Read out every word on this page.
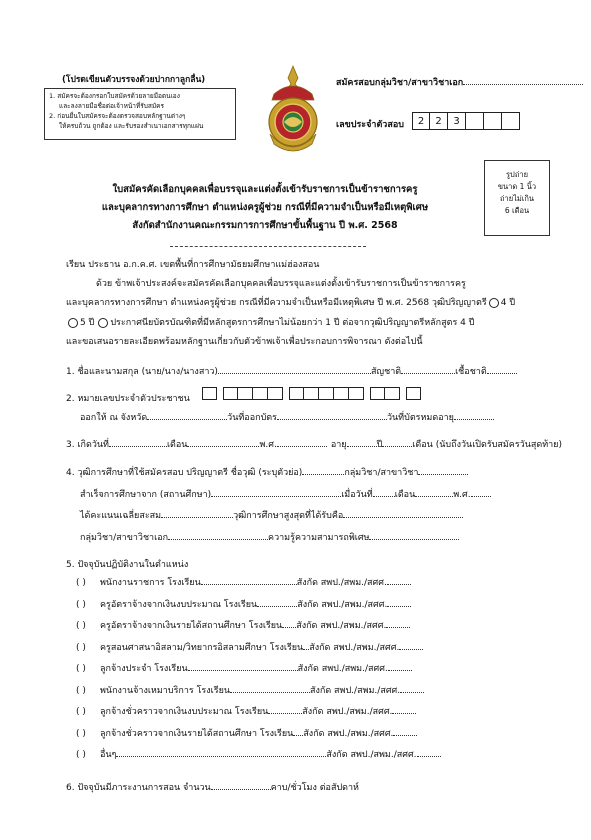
(โปรดเขียนตัวบรรจงด้วยปากกาลูกลื่น)
1. สมัครจะต้องกรอกใบสมัครด้วยลายมือตนเอง
และลงลายมือชื่อต่อเจ้าหน้าที่รับสมัคร
2. ก่อนยื่นใบสมัครจะต้องตรวจสอบหลักฐานต่างๆ
ให้ครบถ้วน ถูกต้อง และรับรองสำเนาเอกสารทุกแผ่น
สมัครสอบกลุ่มวิชา/สาขาวิชาเอก
เลขประจำตัวสอบ	2	2	3
รูปถ่าย
ขนาด 1 นิ้ว
ถ่ายไม่เกิน
6 เดือน
ใบสมัครคัดเลือกบุคคลเพื่อบรรจุและแต่งตั้งเข้ารับราชการเป็นข้าราชการครู
และบุคลากรทางการศึกษา ตำแหน่งครูผู้ช่วย กรณีที่มีความจำเป็นหรือมีเหตุพิเศษ
สังกัดสำนักงานคณะกรรมการการศึกษาขั้นพื้นฐาน ปี พ.ศ. 2568
เรียน ประธาน อ.ก.ค.ศ. เขตพื้นที่การศึกษามัธยมศึกษาแม่ฮ่องสอน
ด้วย ข้าพเจ้าประสงค์จะสมัครคัดเลือกบุคคลเพื่อบรรจุและแต่งตั้งเข้ารับราชการเป็นข้าราชการครู
และบุคลากรทางการศึกษา ตำแหน่งครูผู้ช่วย กรณีที่มีความจำเป็นหรือมีเหตุพิเศษ ปี พ.ศ. 2568 วุฒิปริญญาตรี 4 ปี
5 ปี ประกาศนียบัตรบัณฑิตที่มีหลักสูตรการศึกษาไม่น้อยกว่า 1 ปี ต่อจากวุฒิปริญญาตรีหลักสูตร 4 ปี
และขอเสนอรายละเอียดพร้อมหลักฐานเกี่ยวกับตัวข้าพเจ้าเพื่อประกอบการพิจารณา ดังต่อไปนี้
1. ชื่อและนามสกุล (นาย/นาง/นางสาว)	สัญชาติ	เชื้อชาติ
2. หมายเลขประจำตัวประชาชน
ออกให้ ณ จังหวัด	วันที่ออกบัตร	วันที่บัตรหมดอายุ
3. เกิดวันที่	เดือน	พ.ศ.	อายุ	ปี	เดือน (นับถึงวันเปิดรับสมัครวันสุดท้าย)
4. วุฒิการศึกษาที่ใช้สมัครสอบ ปริญญาตรี ชื่อวุฒิ (ระบุตัวย่อ)	กลุ่มวิชา/สาขาวิชา
สำเร็จการศึกษาจาก (สถานศึกษา)	เมื่อวันที่ เดือน	พ.ศ.
ได้คะแนนเฉลี่ยสะสม	วุฒิการศึกษาสูงสุดที่ได้รับคือ
กลุ่มวิชา/สาขาวิชาเอก	ความรู้ความสามารถพิเศษ
5. ปัจจุบันปฏิบัติงานในตำแหน่ง
( ) พนักงานราชการ โรงเรียน	สังกัด สพป./สพม./สศศ.
( ) ครูอัตราจ้างจากเงินงบประมาณ โรงเรียน	สังกัด สพป./สพม./สศศ.
( ) ครูอัตราจ้างจากเงินรายได้สถานศึกษา โรงเรียน สังกัด สพป./สพม./สศศ.
( ) ครูสอนศาสนาอิสลาม/วิทยากรอิสลามศึกษา โรงเรียน สังกัด สพป./สพม./สศศ.
( ) ลูกจ้างประจำ โรงเรียน	สังกัด สพป./สพม./สศศ.
( ) พนักงานจ้างเหมาบริการ โรงเรียน	สังกัด สพป./สพม./สศศ.
( ) ลูกจ้างชั่วคราวจากเงินงบประมาณ โรงเรียน	สังกัด สพป./สพม./สศศ.
( ) ลูกจ้างชั่วคราวจากเงินรายได้สถานศึกษา โรงเรียน สังกัด สพป./สพม./สศศ.
( ) อื่นๆ	สังกัด สพป./สพม./สศศ.
6. ปัจจุบันมีภาระงานการสอน จำนวน	คาบ/ชั่วโมง ต่อสัปดาห์
